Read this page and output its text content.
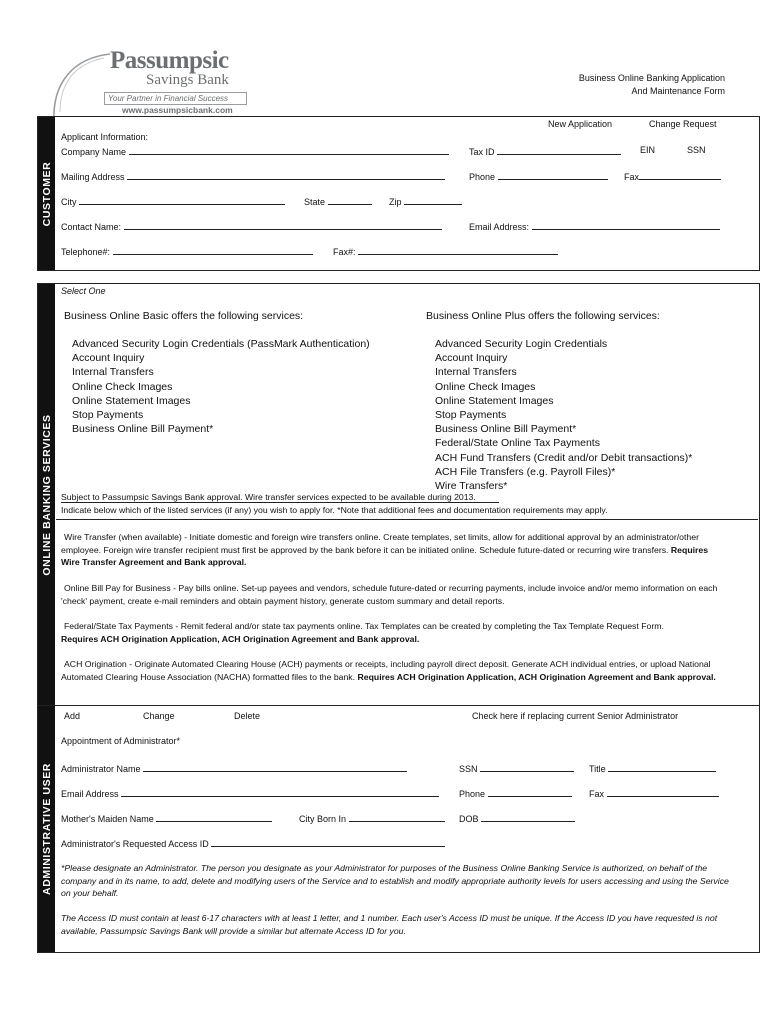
Passumpsic
Savings Bank
Your Partner in Financial Success
www.passumpsicbank.com
Business Online Banking Application
And Maintenance Form
CUSTOMER
New Application	Change Request
Applicant Information:
Company Name	Tax ID	EIN	SSN
Mailing Address	Phone	Fax
City	State	Zip
Contact Name:	Email Address:
Telephone#:	Fax#:
ONLINE BANKING SERVICES
Select One
Business Online Basic offers the following services:	Business Online Plus offers the following services:
Advanced Security Login Credentials (PassMark Authentication)
Account Inquiry
Internal Transfers
Online Check Images
Online Statement Images
Stop Payments
Business Online Bill Payment*
Advanced Security Login Credentials
Account Inquiry
Internal Transfers
Online Check Images
Online Statement Images
Stop Payments
Business Online Bill Payment*
Federal/State Online Tax Payments
ACH Fund Transfers (Credit and/or Debit transactions)*
ACH File Transfers (e.g. Payroll Files)*
Wire Transfers*
Subject to Passumpsic Savings Bank approval. Wire transfer services expected to be available during 2013.
Indicate below which of the listed services (if any) you wish to apply for. *Note that additional fees and documentation requirements may apply.
Wire Transfer (when available) - Initiate domestic and foreign wire transfers online. Create templates, set limits, allow for additional approval by an administrator/other employee. Foreign wire transfer recipient must first be approved by the bank before it can be initiated online. Schedule future-dated or recurring wire transfers. Requires Wire Transfer Agreement and Bank approval.
Online Bill Pay for Business - Pay bills online. Set-up payees and vendors, schedule future-dated or recurring payments, include invoice and/or memo information on each 'check' payment, create e-mail reminders and obtain payment history, generate custom summary and detail reports.
Federal/State Tax Payments - Remit federal and/or state tax payments online. Tax Templates can be created by completing the Tax Template Request Form.
Requires ACH Origination Application, ACH Origination Agreement and Bank approval.
ACH Origination - Originate Automated Clearing House (ACH) payments or receipts, including payroll direct deposit. Generate ACH individual entries, or upload National Automated Clearing House Association (NACHA) formatted files to the bank. Requires ACH Origination Application, ACH Origination Agreement and Bank approval.
ADMINISTRATIVE USER
Add	Change	Delete	Check here if replacing current Senior Administrator
Appointment of Administrator*
Administrator Name	SSN	Title
Email Address	Phone	Fax
Mother's Maiden Name	City Born In	DOB
Administrator's Requested Access ID
*Please designate an Administrator. The person you designate as your Administrator for purposes of the Business Online Banking Service is authorized, on behalf of the company and in its name, to add, delete and modifying users of the Service and to establish and modify appropriate authority levels for users accessing and using the Service on your behalf.
The Access ID must contain at least 6-17 characters with at least 1 letter, and 1 number. Each user's Access ID must be unique. If the Access ID you have requested is not available, Passumpsic Savings Bank will provide a similar but alternate Access ID for you.
